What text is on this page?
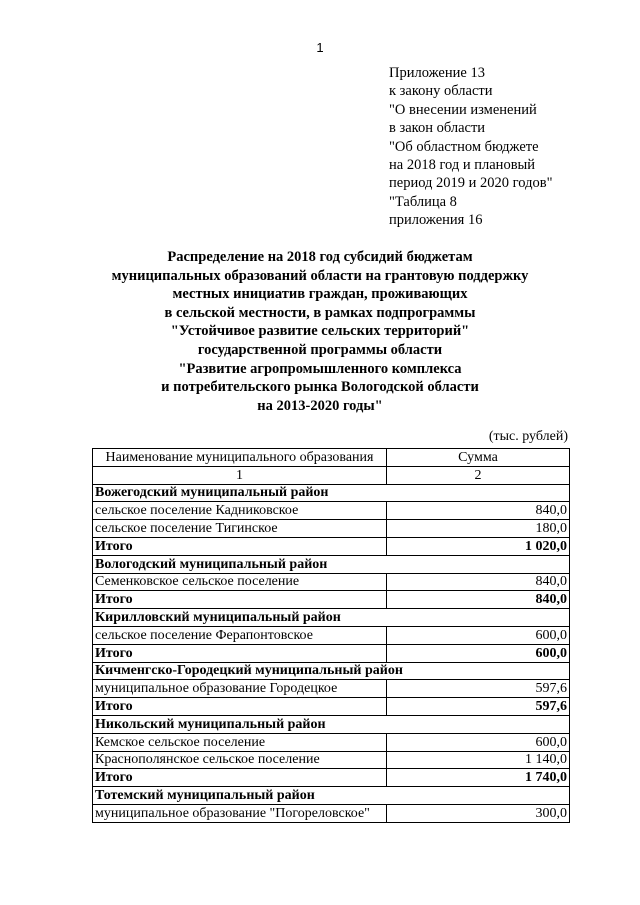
1
Приложение 13
к закону области
"О внесении изменений
в закон области
"Об областном бюджете
на 2018 год и плановый
период 2019 и 2020 годов"
"Таблица 8
приложения 16
Распределение на 2018 год субсидий бюджетам
муниципальных образований области на грантовую поддержку
местных инициатив граждан, проживающих
в сельской местности, в рамках подпрограммы
"Устойчивое развитие сельских территорий"
государственной программы области
"Развитие агропромышленного комплекса
и потребительского рынка Вологодской области
на 2013-2020 годы"
(тыс. рублей)
Наименование муниципального образования	Сумма
1	2
Вожегодский муниципальный район	
сельское поселение Кадниковское	840,0
сельское поселение Тигинское	180,0
Итого	1 020,0
Вологодский муниципальный район	
Семенковское сельское поселение	840,0
Итого	840,0
Кирилловский муниципальный район	
сельское поселение Ферапонтовское	600,0
Итого	600,0
Кичменгско-Городецкий муниципальный район	
муниципальное образование Городецкое	597,6
Итого	597,6
Никольский муниципальный район	
Кемское сельское поселение	600,0
Краснополянское сельское поселение	1 140,0
Итого	1 740,0
Тотемский муниципальный район	
муниципальное образование "Погореловское"	300,0
